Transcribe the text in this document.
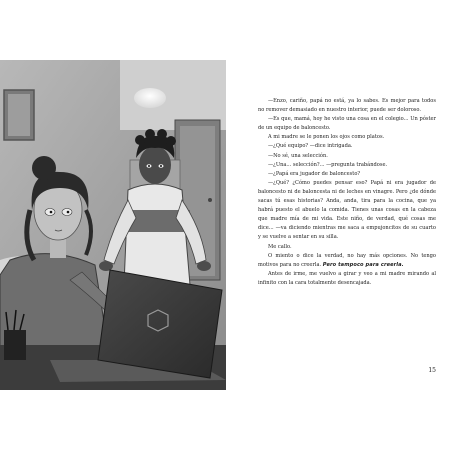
—Enzo, cariño, papá no está, ya lo sabes. Es mejor para todos no remover demasiado en nuestro interior, puede ser doloroso.

—Es que, mamá, hoy he visto una cosa en el colegio... Un póster de un equipo de baloncesto.

A mi madre se le ponen los ojos como platos.

—¿Qué equipo? —dice intrigada.

—No sé, una selección.

—¿Una... selección?... —pregunta trabándose.

—¿Papá era jugador de baloncesto?

—¿Qué? ¿Cómo puedes pensar eso? Papá ni era jugador de baloncesto ni de baloncesta ni de leches en vinagre. Pero ¿de dónde sacas tú esas historias? Anda, anda, tira para la cocina, que ya habrá puesto el abuelo la comida. Tienes unas cosas en la cabeza que madre mía de mi vida. Este niño, de verdad, qué cosas me dice... —va diciendo mientras me saca a empujoncitos de su cuarto y se vuelve a sentar en su silla.

Me callo.

O miento o dice la verdad, no hay más opciones. No tengo motivos para no creerla. Pero tampoco para creerla.

Antes de irme, me vuelvo a girar y veo a mi madre mirando al infinito con la cara totalmente desencajada.

15
